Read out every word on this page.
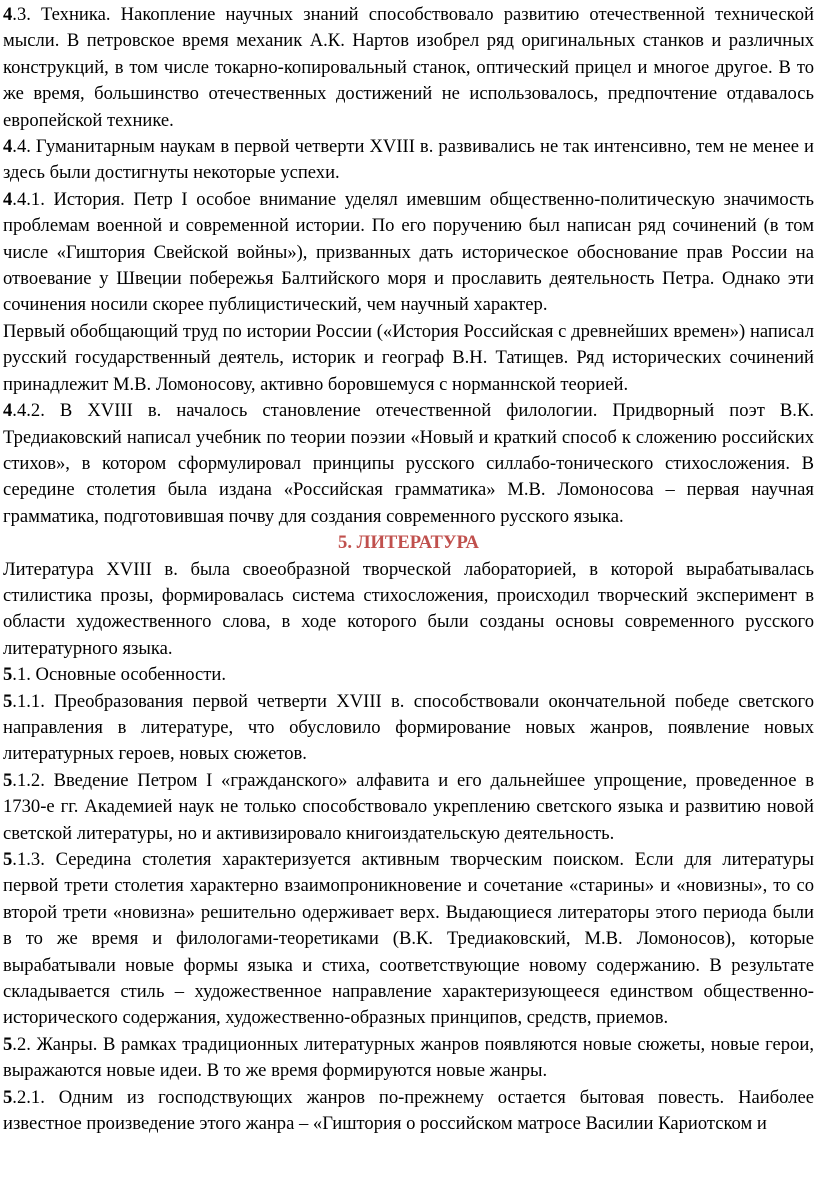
4.3. Техника. Накопление научных знаний способствовало развитию отечественной технической мысли. В петровское время механик А.К. Нартов изобрел ряд оригинальных станков и различных конструкций, в том числе токарно-копировальный станок, оптический прицел и многое другое. В то же время, большинство отечественных достижений не использовалось, предпочтение отдавалось европейской технике.

4.4. Гуманитарным наукам в первой четверти XVIII в. развивались не так интенсивно, тем не менее и здесь были достигнуты некоторые успехи.

4.4.1. История. Петр I особое внимание уделял имевшим общественно-политическую значимость проблемам военной и современной истории. По его поручению был написан ряд сочинений (в том числе «Гиштория Свейской войны»), призванных дать историческое обоснование прав России на отвоевание у Швеции побережья Балтийского моря и прославить деятельность Петра. Однако эти сочинения носили скорее публицистический, чем научный характер.

Первый обобщающий труд по истории России («История Российская с древнейших времен») написал русский государственный деятель, историк и географ В.Н. Татищев. Ряд исторических сочинений принадлежит М.В. Ломоносову, активно боровшемуся с норманнской теорией.

4.4.2. В XVIII в. началось становление отечественной филологии. Придворный поэт В.К. Тредиаковский написал учебник по теории поэзии «Новый и краткий способ к сложению российских стихов», в котором сформулировал принципы русского силлабо-тонического стихосложения. В середине столетия была издана «Российская грамматика» М.В. Ломоносова – первая научная грамматика, подготовившая почву для создания современного русского языка.

5. ЛИТЕРАТУРА

Литература XVIII в. была своеобразной творческой лабораторией, в которой вырабатывалась стилистика прозы, формировалась система стихосложения, происходил творческий эксперимент в области художественного слова, в ходе которого были созданы основы современного русского литературного языка.

5.1. Основные особенности.

5.1.1. Преобразования первой четверти XVIII в. способствовали окончательной победе светского направления в литературе, что обусловило формирование новых жанров, появление новых литературных героев, новых сюжетов.

5.1.2. Введение Петром I «гражданского» алфавита и его дальнейшее упрощение, проведенное в 1730-е гг. Академией наук не только способствовало укреплению светского языка и развитию новой светской литературы, но и активизировало книгоиздательскую деятельность.

5.1.3. Середина столетия характеризуется активным творческим поиском. Если для литературы первой трети столетия характерно взаимопроникновение и сочетание «старины» и «новизны», то со второй трети «новизна» решительно одерживает верх. Выдающиеся литераторы этого периода были в то же время и филологами-теоретиками (В.К. Тредиаковский, М.В. Ломоносов), которые вырабатывали новые формы языка и стиха, соответствующие новому содержанию. В результате складывается стиль – художественное направление характеризующееся единством общественно-исторического содержания, художественно-образных принципов, средств, приемов.

5.2. Жанры. В рамках традиционных литературных жанров появляются новые сюжеты, новые герои, выражаются новые идеи. В то же время формируются новые жанры.

5.2.1. Одним из господствующих жанров по-прежнему остается бытовая повесть. Наиболее известное произведение этого жанра – «Гиштория о российском матросе Василии Кариотском и
